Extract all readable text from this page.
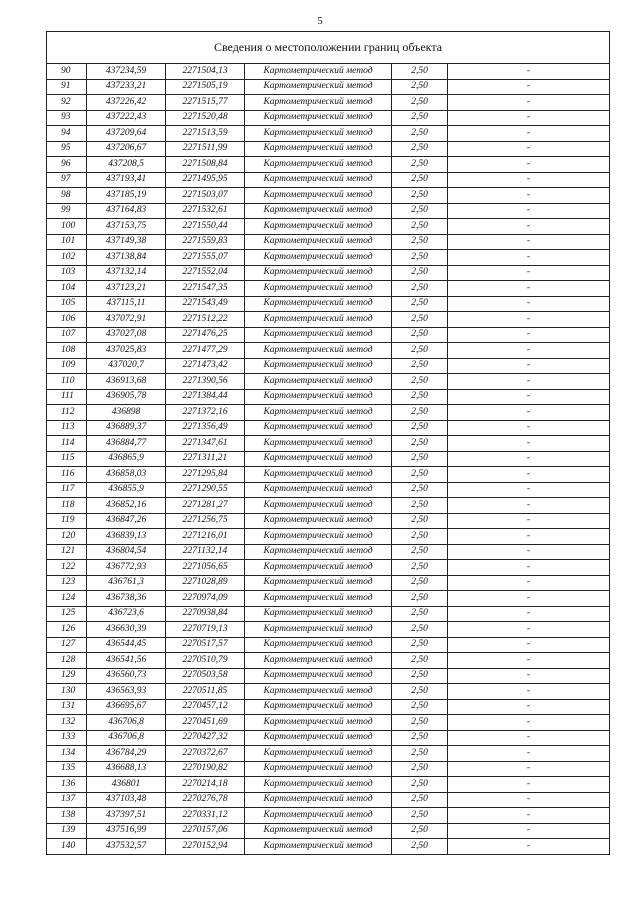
5
Сведения о местоположении границ объекта					
90	437234,59	2271504,13	Картометрический метод	2,50	-
91	437233,21	2271505,19	Картометрический метод	2,50	-
92	437226,42	2271515,77	Картометрический метод	2,50	-
93	437222,43	2271520,48	Картометрический метод	2,50	-
94	437209,64	2271513,59	Картометрический метод	2,50	-
95	437206,67	2271511,99	Картометрический метод	2,50	-
96	437208,5	2271508,84	Картометрический метод	2,50	-
97	437193,41	2271495,95	Картометрический метод	2,50	-
98	437185,19	2271503,07	Картометрический метод	2,50	-
99	437164,83	2271532,61	Картометрический метод	2,50	-
100	437153,75	2271550,44	Картометрический метод	2,50	-
101	437149,38	2271559,83	Картометрический метод	2,50	-
102	437138,84	2271555,07	Картометрический метод	2,50	-
103	437132,14	2271552,04	Картометрический метод	2,50	-
104	437123,21	2271547,35	Картометрический метод	2,50	-
105	437115,11	2271543,49	Картометрический метод	2,50	-
106	437072,91	2271512,22	Картометрический метод	2,50	-
107	437027,08	2271476,25	Картометрический метод	2,50	-
108	437025,83	2271477,29	Картометрический метод	2,50	-
109	437020,7	2271473,42	Картометрический метод	2,50	-
110	436913,68	2271390,56	Картометрический метод	2,50	-
111	436905,78	2271384,44	Картометрический метод	2,50	-
112	436898	2271372,16	Картометрический метод	2,50	-
113	436889,37	2271356,49	Картометрический метод	2,50	-
114	436884,77	2271347,61	Картометрический метод	2,50	-
115	436865,9	2271311,21	Картометрический метод	2,50	-
116	436858,03	2271295,84	Картометрический метод	2,50	-
117	436855,9	2271290,55	Картометрический метод	2,50	-
118	436852,16	2271281,27	Картометрический метод	2,50	-
119	436847,26	2271256,75	Картометрический метод	2,50	-
120	436839,13	2271216,01	Картометрический метод	2,50	-
121	436804,54	2271132,14	Картометрический метод	2,50	-
122	436772,93	2271056,65	Картометрический метод	2,50	-
123	436761,3	2271028,89	Картометрический метод	2,50	-
124	436738,36	2270974,09	Картометрический метод	2,50	-
125	436723,6	2270938,84	Картометрический метод	2,50	-
126	436630,39	2270719,13	Картометрический метод	2,50	-
127	436544,45	2270517,57	Картометрический метод	2,50	-
128	436541,56	2270510,79	Картометрический метод	2,50	-
129	436560,73	2270503,58	Картометрический метод	2,50	-
130	436563,93	2270511,85	Картометрический метод	2,50	-
131	436695,67	2270457,12	Картометрический метод	2,50	-
132	436706,8	2270451,69	Картометрический метод	2,50	-
133	436706,8	2270427,32	Картометрический метод	2,50	-
134	436784,29	2270372,67	Картометрический метод	2,50	-
135	436688,13	2270190,82	Картометрический метод	2,50	-
136	436801	2270214,18	Картометрический метод	2,50	-
137	437103,48	2270276,78	Картометрический метод	2,50	-
138	437397,51	2270331,12	Картометрический метод	2,50	-
139	437516,99	2270157,06	Картометрический метод	2,50	-
140	437532,57	2270152,94	Картометрический метод	2,50	-
